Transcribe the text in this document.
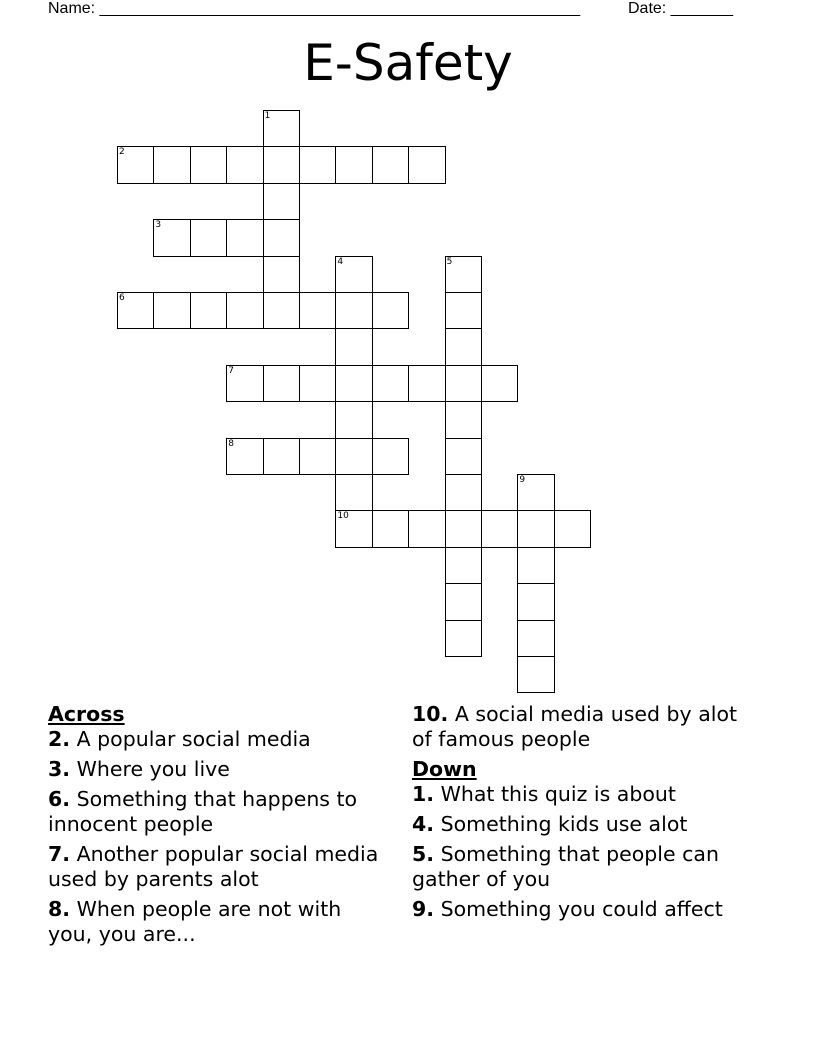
Name: ______________________________________________________	Date: _______
E-Safety
1
2
3
4	5
6
7
8
9
10
Across
2. A popular social media
3. Where you live
6. Something that happens to innocent people
7. Another popular social media used by parents alot
8. When people are not with you, you are...
10. A social media used by alot of famous people
Down
1. What this quiz is about
4. Something kids use alot
5. Something that people can gather of you
9. Something you could affect
